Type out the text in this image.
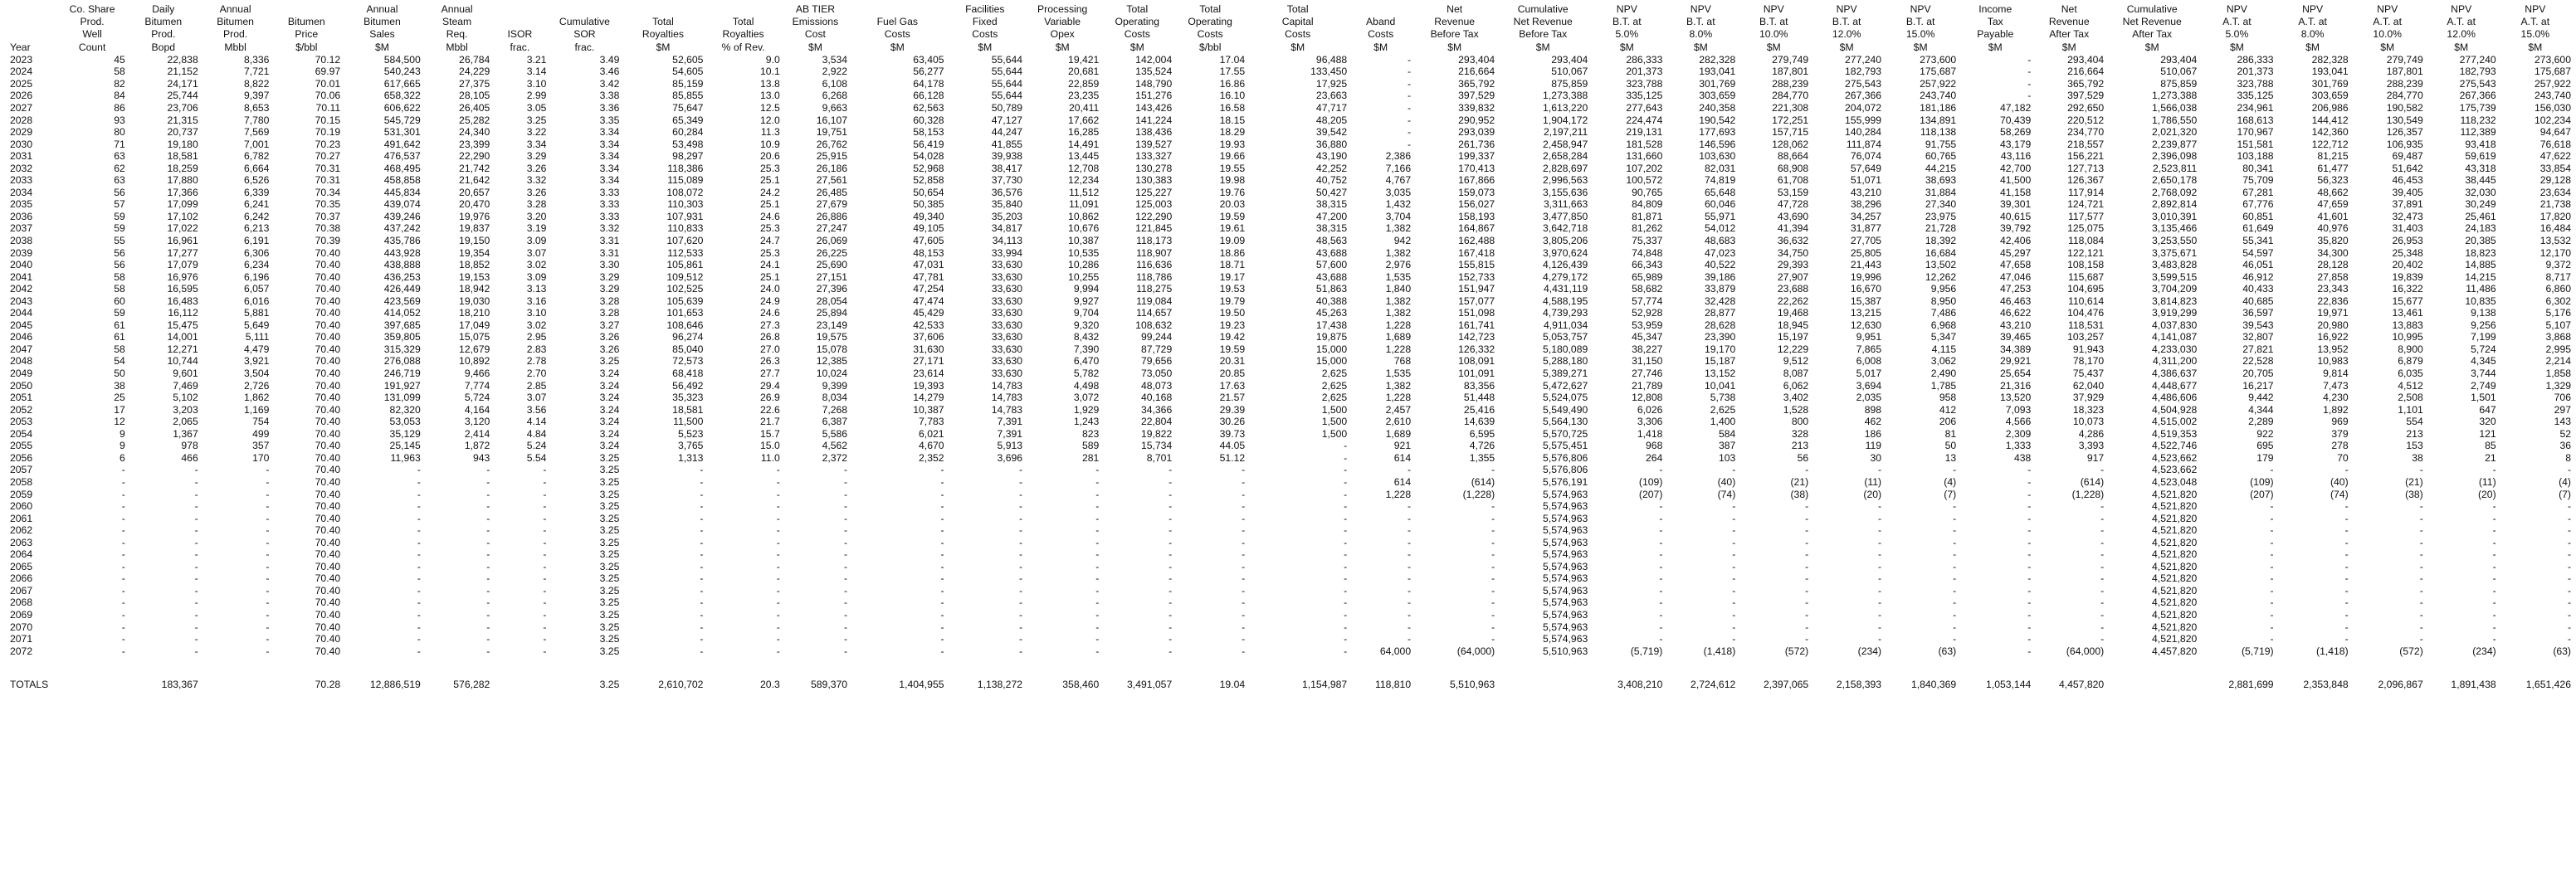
	Co. Share	Daily	Annual		Annual	Annual					AB TIER		Facilities	Processing	Total	Total	Total		Net	Cumulative	NPV	NPV	NPV	NPV	NPV	Income	Net	Cumulative	NPV	NPV	NPV	NPV	NPV
	Prod.	Bitumen	Bitumen	Bitumen	Bitumen	Steam		Cumulative	Total	Total	Emissions	Fuel Gas	Fixed	Variable	Operating	Operating	Capital	Aband	Revenue	Net Revenue	B.T. at	B.T. at	B.T. at	B.T. at	B.T. at	Tax	Revenue	Net Revenue	A.T. at	A.T. at	A.T. at	A.T. at	A.T. at
	Well	Prod.	Prod.	Price	Sales	Req.	ISOR	SOR	Royalties	Royalties	Cost	Costs	Costs	Opex	Costs	Costs	Costs	Costs	Before Tax	Before Tax	5.0%	8.0%	10.0%	12.0%	15.0%	Payable	After Tax	After Tax	5.0%	8.0%	10.0%	12.0%	15.0%
Year	Count	Bopd	Mbbl	$/bbl	$M	Mbbl	frac.	frac.	$M	% of Rev.	$M	$M	$M	$M	$M	$/bbl	$M	$M	$M	$M	$M	$M	$M	$M	$M	$M	$M	$M	$M	$M	$M	$M	$M
2023	45	22,838	8,336	70.12	584,500	26,784	3.21	3.49	52,605	9.0	3,534	63,405	55,644	19,421	142,004	17.04	96,488	-	293,404	293,404	286,333	282,328	279,749	277,240	273,600	-	293,404	293,404	286,333	282,328	279,749	277,240	273,600
2024	58	21,152	7,721	69.97	540,243	24,229	3.14	3.46	54,605	10.1	2,922	56,277	55,644	20,681	135,524	17.55	133,450	-	216,664	510,067	201,373	193,041	187,801	182,793	175,687	-	216,664	510,067	201,373	193,041	187,801	182,793	175,687
2025	82	24,171	8,822	70.01	617,665	27,375	3.10	3.42	85,159	13.8	6,108	64,178	55,644	22,859	148,790	16.86	17,925	-	365,792	875,859	323,788	301,769	288,239	275,543	257,922	-	365,792	875,859	323,788	301,769	288,239	275,543	257,922
2026	84	25,744	9,397	70.06	658,322	28,105	2.99	3.38	85,855	13.0	6,268	66,128	55,644	23,235	151,276	16.10	23,663	-	397,529	1,273,388	335,125	303,659	284,770	267,366	243,740	-	397,529	1,273,388	335,125	303,659	284,770	267,366	243,740
2027	86	23,706	8,653	70.11	606,622	26,405	3.05	3.36	75,647	12.5	9,663	62,563	50,789	20,411	143,426	16.58	47,717	-	339,832	1,613,220	277,643	240,358	221,308	204,072	181,186	47,182	292,650	1,566,038	234,961	206,986	190,582	175,739	156,030
2028	93	21,315	7,780	70.15	545,729	25,282	3.25	3.35	65,349	12.0	16,107	60,328	47,127	17,662	141,224	18.15	48,205	-	290,952	1,904,172	224,474	190,542	172,251	155,999	134,891	70,439	220,512	1,786,550	168,613	144,412	130,549	118,232	102,234
2029	80	20,737	7,569	70.19	531,301	24,340	3.22	3.34	60,284	11.3	19,751	58,153	44,247	16,285	138,436	18.29	39,542	-	293,039	2,197,211	219,131	177,693	157,715	140,284	118,138	58,269	234,770	2,021,320	170,967	142,360	126,357	112,389	94,647
2030	71	19,180	7,001	70.23	491,642	23,399	3.34	3.34	53,498	10.9	26,762	56,419	41,855	14,491	139,527	19.93	36,880	-	261,736	2,458,947	181,528	146,596	128,062	111,874	91,755	43,179	218,557	2,239,877	151,581	122,712	106,935	93,418	76,618
2031	63	18,581	6,782	70.27	476,537	22,290	3.29	3.34	98,297	20.6	25,915	54,028	39,938	13,445	133,327	19.66	43,190	2,386	199,337	2,658,284	131,660	103,630	88,664	76,074	60,765	43,116	156,221	2,396,098	103,188	81,215	69,487	59,619	47,622
2032	62	18,259	6,664	70.31	468,495	21,742	3.26	3.34	118,386	25.3	26,186	52,968	38,417	12,708	130,278	19.55	42,252	7,166	170,413	2,828,697	107,202	82,031	68,908	57,649	44,215	42,700	127,713	2,523,811	80,341	61,477	51,642	43,318	33,854
2033	63	17,880	6,526	70.31	458,858	21,642	3.32	3.34	115,089	25.1	27,561	52,858	37,730	12,234	130,383	19.98	40,752	4,767	167,866	2,996,563	100,572	74,819	61,708	51,071	38,693	41,500	126,367	2,650,178	75,709	56,323	46,453	38,445	29,128
2034	56	17,366	6,339	70.34	445,834	20,657	3.26	3.33	108,072	24.2	26,485	50,654	36,576	11,512	125,227	19.76	50,427	3,035	159,073	3,155,636	90,765	65,648	53,159	43,210	31,884	41,158	117,914	2,768,092	67,281	48,662	39,405	32,030	23,634
2035	57	17,099	6,241	70.35	439,074	20,470	3.28	3.33	110,303	25.1	27,679	50,385	35,840	11,091	125,003	20.03	38,315	1,432	156,027	3,311,663	84,809	60,046	47,728	38,296	27,340	39,301	124,721	2,892,814	67,776	47,659	37,891	30,249	21,738
2036	59	17,102	6,242	70.37	439,246	19,976	3.20	3.33	107,931	24.6	26,886	49,340	35,203	10,862	122,290	19.59	47,200	3,704	158,193	3,477,850	81,871	55,971	43,690	34,257	23,975	40,615	117,577	3,010,391	60,851	41,601	32,473	25,461	17,820
2037	59	17,022	6,213	70.38	437,242	19,837	3.19	3.32	110,833	25.3	27,247	49,105	34,817	10,676	121,845	19.61	38,315	1,382	164,867	3,642,718	81,262	54,012	41,394	31,877	21,728	39,792	125,075	3,135,466	61,649	40,976	31,403	24,183	16,484
2038	55	16,961	6,191	70.39	435,786	19,150	3.09	3.31	107,620	24.7	26,069	47,605	34,113	10,387	118,173	19.09	48,563	942	162,488	3,805,206	75,337	48,683	36,632	27,705	18,392	42,406	118,084	3,253,550	55,341	35,820	26,953	20,385	13,532
2039	56	17,277	6,306	70.40	443,928	19,354	3.07	3.31	112,533	25.3	26,225	48,153	33,994	10,535	118,907	18.86	43,688	1,382	167,418	3,970,624	74,848	47,023	34,750	25,805	16,684	45,297	122,121	3,375,671	54,597	34,300	25,348	18,823	12,170
2040	56	17,079	6,234	70.40	438,888	18,852	3.02	3.30	105,861	24.1	25,690	47,031	33,630	10,286	116,636	18.71	57,600	2,976	155,815	4,126,439	66,343	40,522	29,393	21,443	13,502	47,658	108,158	3,483,828	46,051	28,128	20,402	14,885	9,372
2041	58	16,976	6,196	70.40	436,253	19,153	3.09	3.29	109,512	25.1	27,151	47,781	33,630	10,255	118,786	19.17	43,688	1,535	152,733	4,279,172	65,989	39,186	27,907	19,996	12,262	47,046	115,687	3,599,515	46,912	27,858	19,839	14,215	8,717
2042	58	16,595	6,057	70.40	426,449	18,942	3.13	3.29	102,525	24.0	27,396	47,254	33,630	9,994	118,275	19.53	51,863	1,840	151,947	4,431,119	58,682	33,879	23,688	16,670	9,956	47,253	104,695	3,704,209	40,433	23,343	16,322	11,486	6,860
2043	60	16,483	6,016	70.40	423,569	19,030	3.16	3.28	105,639	24.9	28,054	47,474	33,630	9,927	119,084	19.79	40,388	1,382	157,077	4,588,195	57,774	32,428	22,262	15,387	8,950	46,463	110,614	3,814,823	40,685	22,836	15,677	10,835	6,302
2044	59	16,112	5,881	70.40	414,052	18,210	3.10	3.28	101,653	24.6	25,894	45,429	33,630	9,704	114,657	19.50	45,263	1,382	151,098	4,739,293	52,928	28,877	19,468	13,215	7,486	46,622	104,476	3,919,299	36,597	19,971	13,461	9,138	5,176
2045	61	15,475	5,649	70.40	397,685	17,049	3.02	3.27	108,646	27.3	23,149	42,533	33,630	9,320	108,632	19.23	17,438	1,228	161,741	4,911,034	53,959	28,628	18,945	12,630	6,968	43,210	118,531	4,037,830	39,543	20,980	13,883	9,256	5,107
2046	61	14,001	5,111	70.40	359,805	15,075	2.95	3.26	96,274	26.8	19,575	37,606	33,630	8,432	99,244	19.42	19,875	1,689	142,723	5,053,757	45,347	23,390	15,197	9,951	5,347	39,465	103,257	4,141,087	32,807	16,922	10,995	7,199	3,868
2047	58	12,271	4,479	70.40	315,329	12,679	2.83	3.26	85,040	27.0	15,078	31,630	33,630	7,390	87,729	19.59	15,000	1,228	126,332	5,180,089	38,227	19,170	12,229	7,865	4,115	34,389	91,943	4,233,030	27,821	13,952	8,900	5,724	2,995
2048	54	10,744	3,921	70.40	276,088	10,892	2.78	3.25	72,573	26.3	12,385	27,171	33,630	6,470	79,656	20.31	15,000	768	108,091	5,288,180	31,150	15,187	9,512	6,008	3,062	29,921	78,170	4,311,200	22,528	10,983	6,879	4,345	2,214
2049	50	9,601	3,504	70.40	246,719	9,466	2.70	3.24	68,418	27.7	10,024	23,614	33,630	5,782	73,050	20.85	2,625	1,535	101,091	5,389,271	27,746	13,152	8,087	5,017	2,490	25,654	75,437	4,386,637	20,705	9,814	6,035	3,744	1,858
2050	38	7,469	2,726	70.40	191,927	7,774	2.85	3.24	56,492	29.4	9,399	19,393	14,783	4,498	48,073	17.63	2,625	1,382	83,356	5,472,627	21,789	10,041	6,062	3,694	1,785	21,316	62,040	4,448,677	16,217	7,473	4,512	2,749	1,329
2051	25	5,102	1,862	70.40	131,099	5,724	3.07	3.24	35,323	26.9	8,034	14,279	14,783	3,072	40,168	21.57	2,625	1,228	51,448	5,524,075	12,808	5,738	3,402	2,035	958	13,520	37,929	4,486,606	9,442	4,230	2,508	1,501	706
2052	17	3,203	1,169	70.40	82,320	4,164	3.56	3.24	18,581	22.6	7,268	10,387	14,783	1,929	34,366	29.39	1,500	2,457	25,416	5,549,490	6,026	2,625	1,528	898	412	7,093	18,323	4,504,928	4,344	1,892	1,101	647	297
2053	12	2,065	754	70.40	53,053	3,120	4.14	3.24	11,500	21.7	6,387	7,783	7,391	1,243	22,804	30.26	1,500	2,610	14,639	5,564,130	3,306	1,400	800	462	206	4,566	10,073	4,515,002	2,289	969	554	320	143
2054	9	1,367	499	70.40	35,129	2,414	4.84	3.24	5,523	15.7	5,586	6,021	7,391	823	19,822	39.73	1,500	1,689	6,595	5,570,725	1,418	584	328	186	81	2,309	4,286	4,519,353	922	379	213	121	52
2055	9	978	357	70.40	25,145	1,872	5.24	3.24	3,765	15.0	4,562	4,670	5,913	589	15,734	44.05	-	921	4,726	5,575,451	968	387	213	119	50	1,333	3,393	4,522,746	695	278	153	85	36
2056	6	466	170	70.40	11,963	943	5.54	3.25	1,313	11.0	2,372	2,352	3,696	281	8,701	51.12	-	614	1,355	5,576,806	264	103	56	30	13	438	917	4,523,662	179	70	38	21	8
2057	-	-	-	70.40	-	-	-	3.25	-	-	-	-	-	-	-	-	-	-	-	5,576,806	-	-	-	-	-	-	-	4,523,662	-	-	-	-	-
2058	-	-	-	70.40	-	-	-	3.25	-	-	-	-	-	-	-	-	-	614	(614)	5,576,191	(109)	(40)	(21)	(11)	(4)	-	(614)	4,523,048	(109)	(40)	(21)	(11)	(4)
2059	-	-	-	70.40	-	-	-	3.25	-	-	-	-	-	-	-	-	-	1,228	(1,228)	5,574,963	(207)	(74)	(38)	(20)	(7)	-	(1,228)	4,521,820	(207)	(74)	(38)	(20)	(7)
2060	-	-	-	70.40	-	-	-	3.25	-	-	-	-	-	-	-	-	-	-	-	5,574,963	-	-	-	-	-	-	-	4,521,820	-	-	-	-	-
2061	-	-	-	70.40	-	-	-	3.25	-	-	-	-	-	-	-	-	-	-	-	5,574,963	-	-	-	-	-	-	-	4,521,820	-	-	-	-	-
2062	-	-	-	70.40	-	-	-	3.25	-	-	-	-	-	-	-	-	-	-	-	5,574,963	-	-	-	-	-	-	-	4,521,820	-	-	-	-	-
2063	-	-	-	70.40	-	-	-	3.25	-	-	-	-	-	-	-	-	-	-	-	5,574,963	-	-	-	-	-	-	-	4,521,820	-	-	-	-	-
2064	-	-	-	70.40	-	-	-	3.25	-	-	-	-	-	-	-	-	-	-	-	5,574,963	-	-	-	-	-	-	-	4,521,820	-	-	-	-	-
2065	-	-	-	70.40	-	-	-	3.25	-	-	-	-	-	-	-	-	-	-	-	5,574,963	-	-	-	-	-	-	-	4,521,820	-	-	-	-	-
2066	-	-	-	70.40	-	-	-	3.25	-	-	-	-	-	-	-	-	-	-	-	5,574,963	-	-	-	-	-	-	-	4,521,820	-	-	-	-	-
2067	-	-	-	70.40	-	-	-	3.25	-	-	-	-	-	-	-	-	-	-	-	5,574,963	-	-	-	-	-	-	-	4,521,820	-	-	-	-	-
2068	-	-	-	70.40	-	-	-	3.25	-	-	-	-	-	-	-	-	-	-	-	5,574,963	-	-	-	-	-	-	-	4,521,820	-	-	-	-	-
2069	-	-	-	70.40	-	-	-	3.25	-	-	-	-	-	-	-	-	-	-	-	5,574,963	-	-	-	-	-	-	-	4,521,820	-	-	-	-	-
2070	-	-	-	70.40	-	-	-	3.25	-	-	-	-	-	-	-	-	-	-	-	5,574,963	-	-	-	-	-	-	-	4,521,820	-	-	-	-	-
2071	-	-	-	70.40	-	-	-	3.25	-	-	-	-	-	-	-	-	-	-	-	5,574,963	-	-	-	-	-	-	-	4,521,820	-	-	-	-	-
2072	-	-	-	70.40	-	-	-	3.25	-	-	-	-	-	-	-	-	-	64,000	(64,000)	5,510,963	(5,719)	(1,418)	(572)	(234)	(63)	-	(64,000)	4,457,820	(5,719)	(1,418)	(572)	(234)	(63)

TOTALS		183,367		70.28	12,886,519	576,282		3.25	2,610,702	20.3	589,370	1,404,955	1,138,272	358,460	3,491,057	19.04	1,154,987	118,810	5,510,963		3,408,210	2,724,612	2,397,065	2,158,393	1,840,369	1,053,144	4,457,820		2,881,699	2,353,848	2,096,867	1,891,438	1,651,426
